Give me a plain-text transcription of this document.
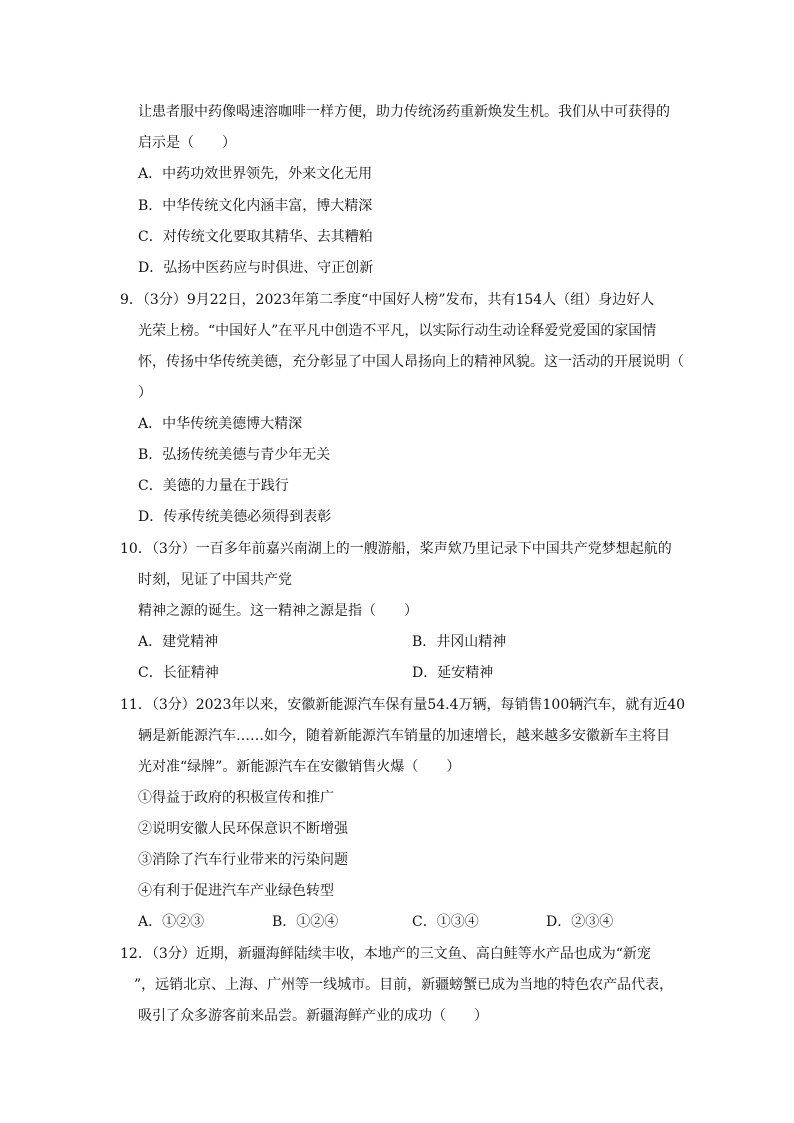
让患者服中药像喝速溶咖啡一样方便，助力传统汤药重新焕发生机。我们从中可获得的
启示是（　　）
A．中药功效世界领先，外来文化无用
B．中华传统文化内涵丰富，博大精深
C．对传统文化要取其精华、去其糟粕
D．弘扬中医药应与时俱进、守正创新
9．（3分）9月22日，2023年第二季度“中国好人榜”发布，共有154人（组）身边好人
光荣上榜。“中国好人”在平凡中创造不平凡，以实际行动生动诠释爱党爱国的家国情
怀，传扬中华传统美德，充分彰显了中国人昂扬向上的精神风貌。这一活动的开展说明（
）
A．中华传统美德博大精深
B．弘扬传统美德与青少年无关
C．美德的力量在于践行
D．传承传统美德必须得到表彰
10．（3分）一百多年前嘉兴南湖上的一艘游船，桨声欸乃里记录下中国共产党梦想起航的
时刻，见证了中国共产党
精神之源的诞生。这一精神之源是指（　　）
A．建党精神	B．井冈山精神
C．长征精神	D．延安精神
11．（3分）2023年以来，安徽新能源汽车保有量54.4万辆，每销售100辆汽车，就有近40
辆是新能源汽车……如今，随着新能源汽车销量的加速增长，越来越多安徽新车主将目
光对准“绿牌”。新能源汽车在安徽销售火爆（　　）
①得益于政府的积极宣传和推广
②说明安徽人民环保意识不断增强
③消除了汽车行业带来的污染问题
④有利于促进汽车产业绿色转型
A．①②③	B．①②④	C．①③④	D．②③④
12．（3分）近期，新疆海鲜陆续丰收，本地产的三文鱼、高白鲑等水产品也成为“新宠
”，远销北京、上海、广州等一线城市。目前，新疆螃蟹已成为当地的特色农产品代表，
吸引了众多游客前来品尝。新疆海鲜产业的成功（　　）
